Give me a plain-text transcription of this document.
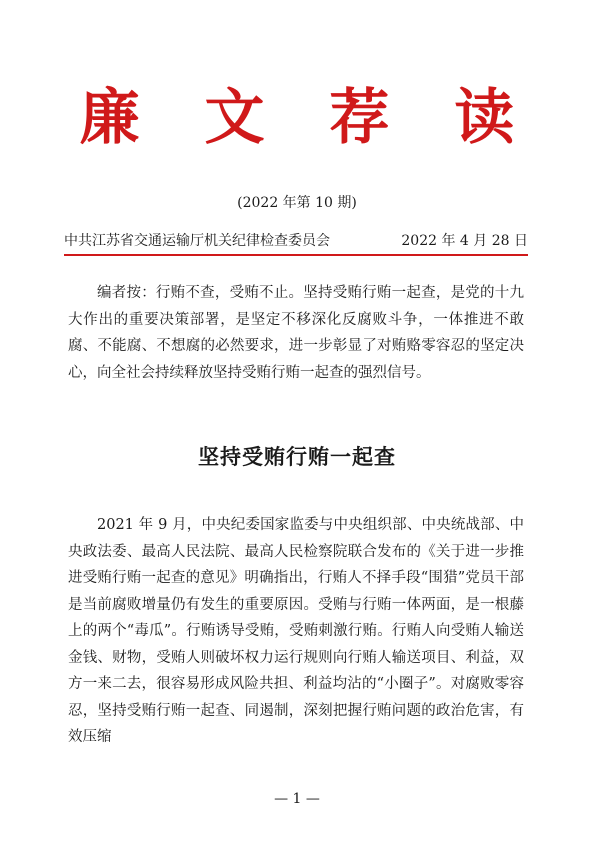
廉 文 荐 读
(2022 年第 10 期)
中共江苏省交通运输厅机关纪律检查委员会	2022 年 4 月 28 日

编者按：行贿不查，受贿不止。坚持受贿行贿一起查，是党的十九大作出的重要决策部署，是坚定不移深化反腐败斗争，一体推进不敢腐、不能腐、不想腐的必然要求，进一步彰显了对贿赂零容忍的坚定决心，向全社会持续释放坚持受贿行贿一起查的强烈信号。

坚持受贿行贿一起查

2021 年 9 月，中央纪委国家监委与中央组织部、中央统战部、中央政法委、最高人民法院、最高人民检察院联合发布的《关于进一步推进受贿行贿一起查的意见》明确指出，行贿人不择手段“围猎”党员干部是当前腐败增量仍有发生的重要原因。受贿与行贿一体两面，是一根藤上的两个“毒瓜”。行贿诱导受贿，受贿刺激行贿。行贿人向受贿人输送金钱、财物，受贿人则破坏权力运行规则向行贿人输送项目、利益，双方一来二去，很容易形成风险共担、利益均沾的“小圈子”。对腐败零容忍，坚持受贿行贿一起查、同遏制，深刻把握行贿问题的政治危害，有效压缩

— 1 —
